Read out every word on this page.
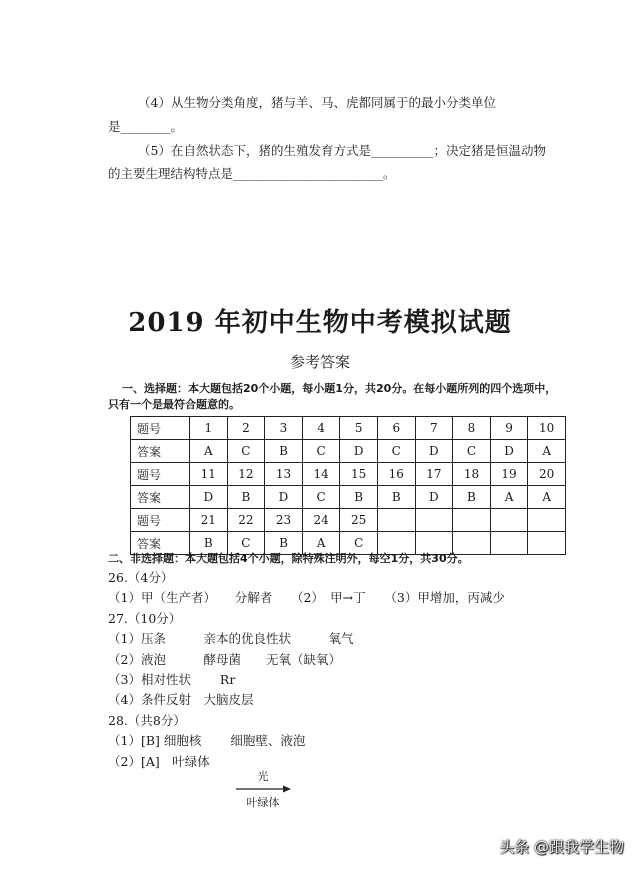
（4）从生物分类角度，猪与羊、马、虎都同属于的最小分类单位
是________。
（5）在自然状态下，猪的生殖发育方式是__________；决定猪是恒温动物
的主要生理结构特点是________________________。
2019 年初中生物中考模拟试题
参考答案
一、选择题：本大题包括20个小题，每小题1分，共20分。在每小题所列的四个选项中，
只有一个是最符合题意的。
题号	1	2	3	4	5	6	7	8	9	10
答案	A	C	B	C	D	C	D	C	D	A
题号	11	12	13	14	15	16	17	18	19	20
答案	D	B	D	C	B	B	D	B	A	A
题号	21	22	23	24	25					
答案	B	C	B	A	C					
二、非选择题：本大题包括4个小题，除特殊注明外，每空1分，共30分。
26.（4分）
（1）甲（生产者）　　分解者　　（2）　甲→丁　　（3）甲增加，丙减少
27.（10分）
（1）压条　　　亲本的优良性状　　　氧气
（2）液泡　　　酵母菌　　无氧（缺氧）
（3）相对性状　　 Rr
（4）条件反射　大脑皮层
28.（共8分）
（1）[B] 细胞核　　 细胞壁、液泡
（2）[A]　叶绿体
光
叶绿体
头条 @跟我学生物
